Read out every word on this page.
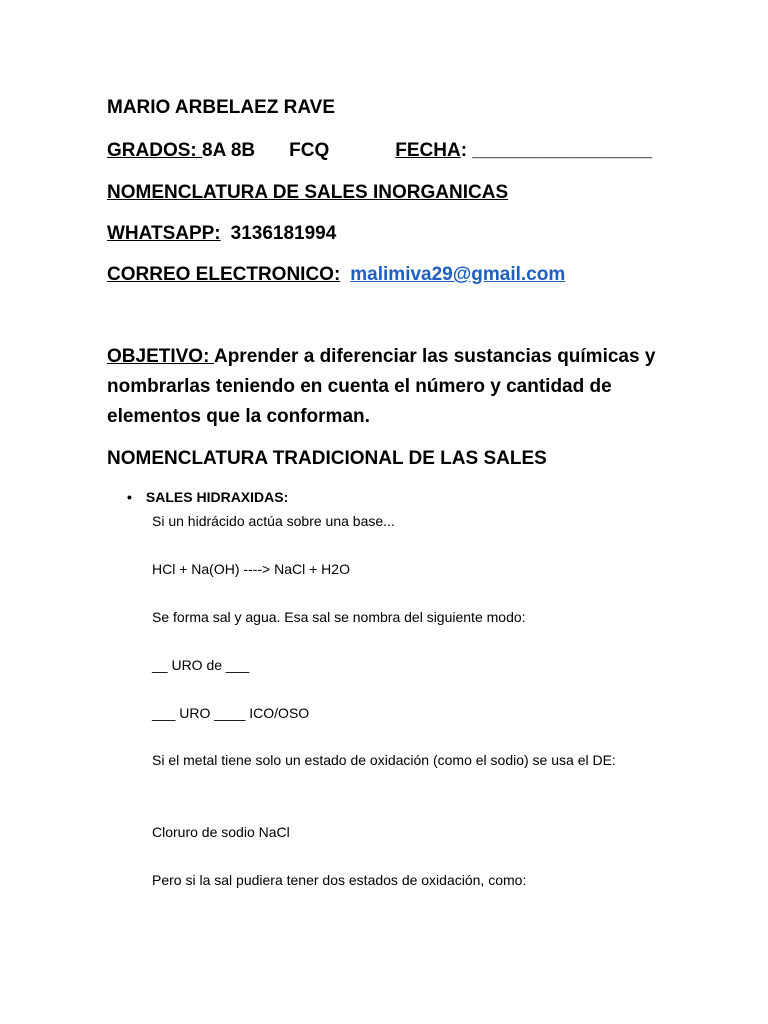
MARIO ARBELAEZ RAVE
GRADOS: 8A 8B FCQ	FECHA: _________________
NOMENCLATURA DE SALES INORGANICAS
WHATSAPP: 3136181994
CORREO ELECTRONICO: malimiva29@gmail.com
OBJETIVO: Aprender a diferenciar las sustancias químicas y nombrarlas teniendo en cuenta el número y cantidad de elementos que la conforman.
NOMENCLATURA TRADICIONAL DE LAS SALES
• SALES HIDRAXIDAS:
Si un hidrácido actúa sobre una base...
HCl + Na(OH) ----> NaCl + H2O
Se forma sal y agua. Esa sal se nombra del siguiente modo:
__ URO de ___
___ URO ____ ICO/OSO
Si el metal tiene solo un estado de oxidación (como el sodio) se usa el DE:
Cloruro de sodio NaCl
Pero si la sal pudiera tener dos estados de oxidación, como:
